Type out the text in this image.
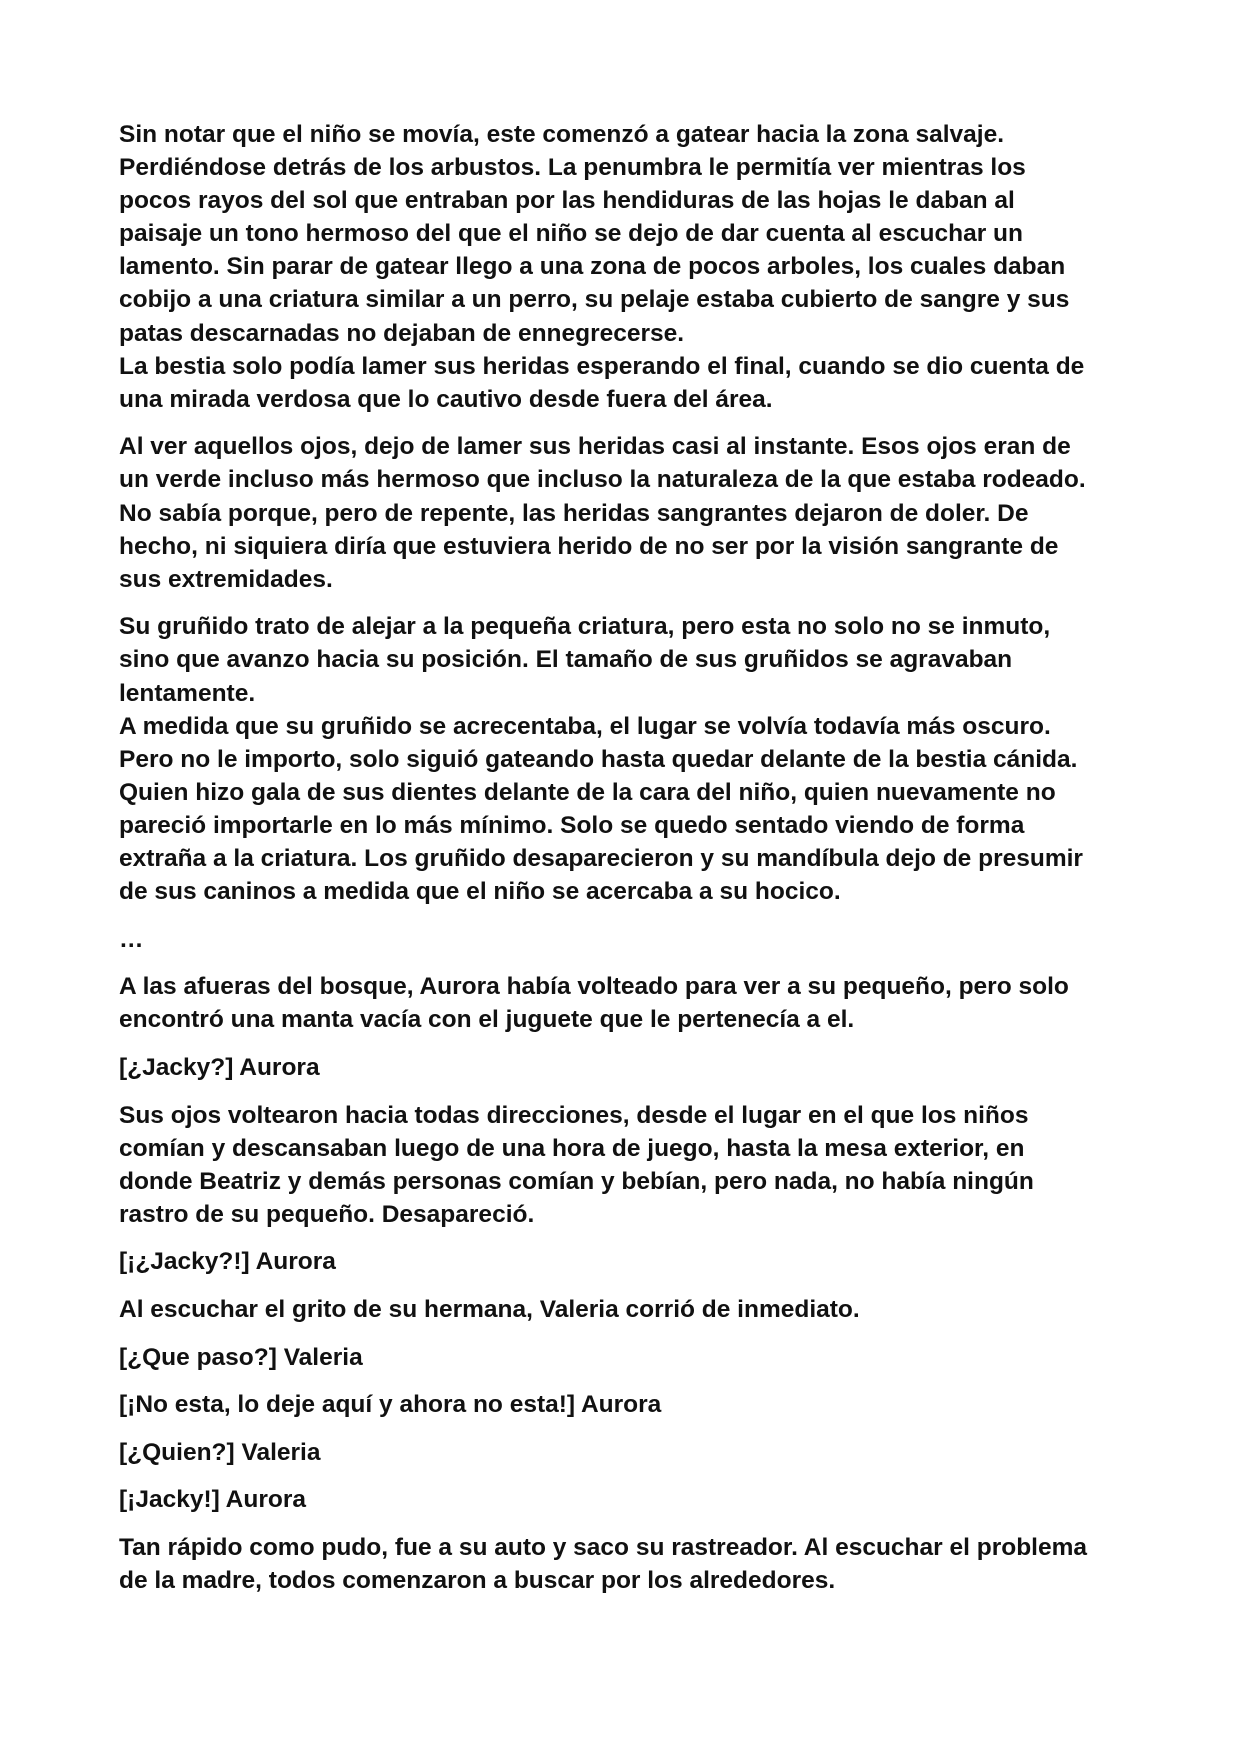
Sin notar que el niño se movía, este comenzó a gatear hacia la zona salvaje.
Perdiéndose detrás de los arbustos. La penumbra le permitía ver mientras los
pocos rayos del sol que entraban por las hendiduras de las hojas le daban al
paisaje un tono hermoso del que el niño se dejo de dar cuenta al escuchar un
lamento. Sin parar de gatear llego a una zona de pocos arboles, los cuales daban
cobijo a una criatura similar a un perro, su pelaje estaba cubierto de sangre y sus
patas descarnadas no dejaban de ennegrecerse.
La bestia solo podía lamer sus heridas esperando el final, cuando se dio cuenta de
una mirada verdosa que lo cautivo desde fuera del área.

Al ver aquellos ojos, dejo de lamer sus heridas casi al instante. Esos ojos eran de
un verde incluso más hermoso que incluso la naturaleza de la que estaba rodeado.
No sabía porque, pero de repente, las heridas sangrantes dejaron de doler. De
hecho, ni siquiera diría que estuviera herido de no ser por la visión sangrante de
sus extremidades.

Su gruñido trato de alejar a la pequeña criatura, pero esta no solo no se inmuto,
sino que avanzo hacia su posición. El tamaño de sus gruñidos se agravaban
lentamente.
A medida que su gruñido se acrecentaba, el lugar se volvía todavía más oscuro.
Pero no le importo, solo siguió gateando hasta quedar delante de la bestia cánida.
Quien hizo gala de sus dientes delante de la cara del niño, quien nuevamente no
pareció importarle en lo más mínimo. Solo se quedo sentado viendo de forma
extraña a la criatura. Los gruñido desaparecieron y su mandíbula dejo de presumir
de sus caninos a medida que el niño se acercaba a su hocico.

…

A las afueras del bosque, Aurora había volteado para ver a su pequeño, pero solo
encontró una manta vacía con el juguete que le pertenecía a el.

[¿Jacky?] Aurora

Sus ojos voltearon hacia todas direcciones, desde el lugar en el que los niños
comían y descansaban luego de una hora de juego, hasta la mesa exterior, en
donde Beatriz y demás personas comían y bebían, pero nada, no había ningún
rastro de su pequeño. Desapareció.

[¡¿Jacky?!] Aurora

Al escuchar el grito de su hermana, Valeria corrió de inmediato.

[¿Que paso?] Valeria

[¡No esta, lo deje aquí y ahora no esta!] Aurora

[¿Quien?] Valeria

[¡Jacky!] Aurora

Tan rápido como pudo, fue a su auto y saco su rastreador. Al escuchar el problema
de la madre, todos comenzaron a buscar por los alrededores.
